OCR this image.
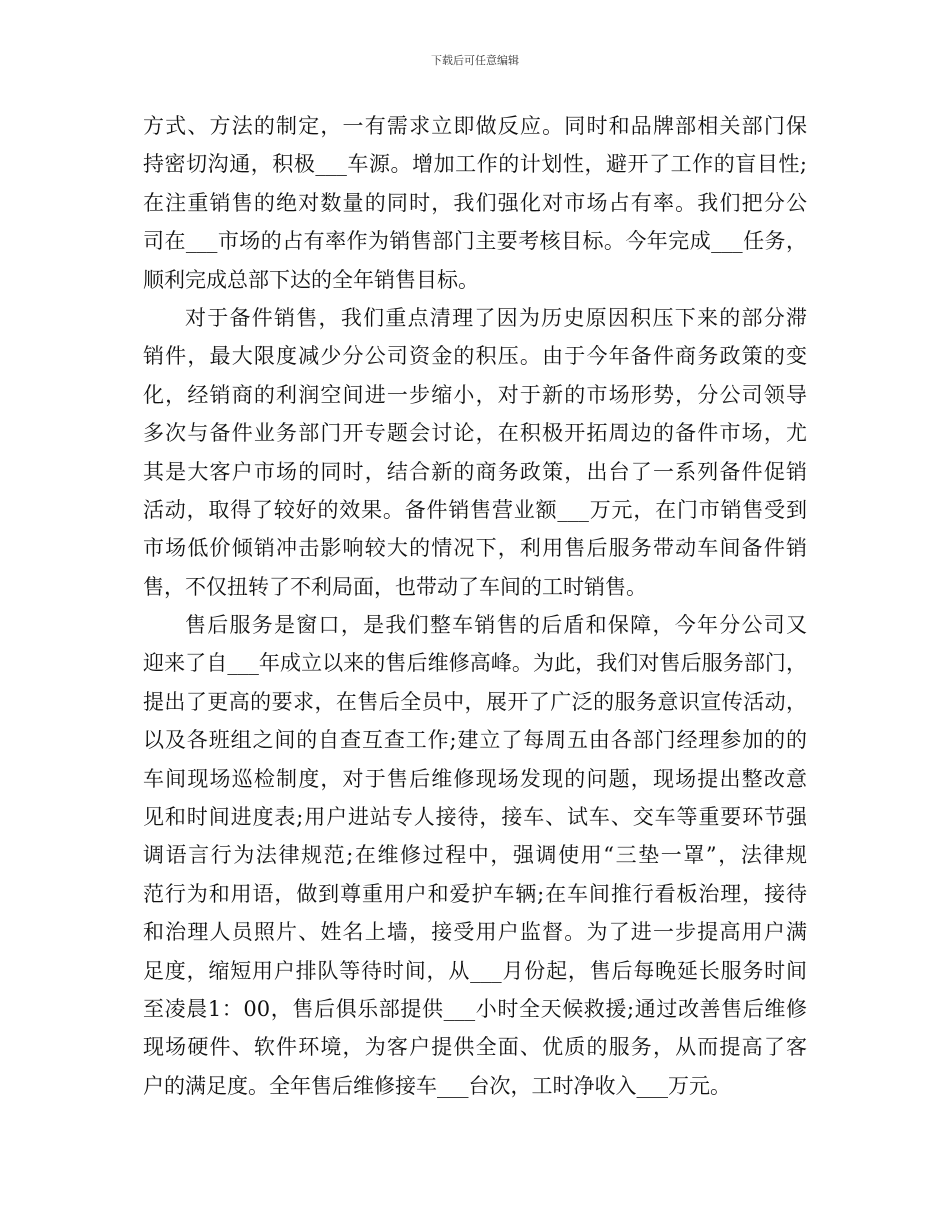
下载后可任意编辑
方式、方法的制定，一有需求立即做反应。同时和品牌部相关部门保
持密切沟通，积极___车源。增加工作的计划性，避开了工作的盲目性;
在注重销售的绝对数量的同时，我们强化对市场占有率。我们把分公
司在___市场的占有率作为销售部门主要考核目标。今年完成___任务，
顺利完成总部下达的全年销售目标。
对于备件销售，我们重点清理了因为历史原因积压下来的部分滞
销件，最大限度减少分公司资金的积压。由于今年备件商务政策的变
化，经销商的利润空间进一步缩小，对于新的市场形势，分公司领导
多次与备件业务部门开专题会讨论，在积极开拓周边的备件市场，尤
其是大客户市场的同时，结合新的商务政策，出台了一系列备件促销
活动，取得了较好的效果。备件销售营业额___万元，在门市销售受到
市场低价倾销冲击影响较大的情况下，利用售后服务带动车间备件销
售，不仅扭转了不利局面，也带动了车间的工时销售。
售后服务是窗口，是我们整车销售的后盾和保障，今年分公司又
迎来了自___年成立以来的售后维修高峰。为此，我们对售后服务部门，
提出了更高的要求，在售后全员中，展开了广泛的服务意识宣传活动，
以及各班组之间的自查互查工作;建立了每周五由各部门经理参加的的
车间现场巡检制度，对于售后维修现场发现的问题，现场提出整改意
见和时间进度表;用户进站专人接待，接车、试车、交车等重要环节强
调语言行为法律规范;在维修过程中，强调使用“三垫一罩”，法律规
范行为和用语，做到尊重用户和爱护车辆;在车间推行看板治理，接待
和治理人员照片、姓名上墙，接受用户监督。为了进一步提高用户满
足度，缩短用户排队等待时间，从___月份起，售后每晚延长服务时间
至凌晨1：00，售后俱乐部提供___小时全天候救援;通过改善售后维修
现场硬件、软件环境，为客户提供全面、优质的服务，从而提高了客
户的满足度。全年售后维修接车___台次，工时净收入___万元。
